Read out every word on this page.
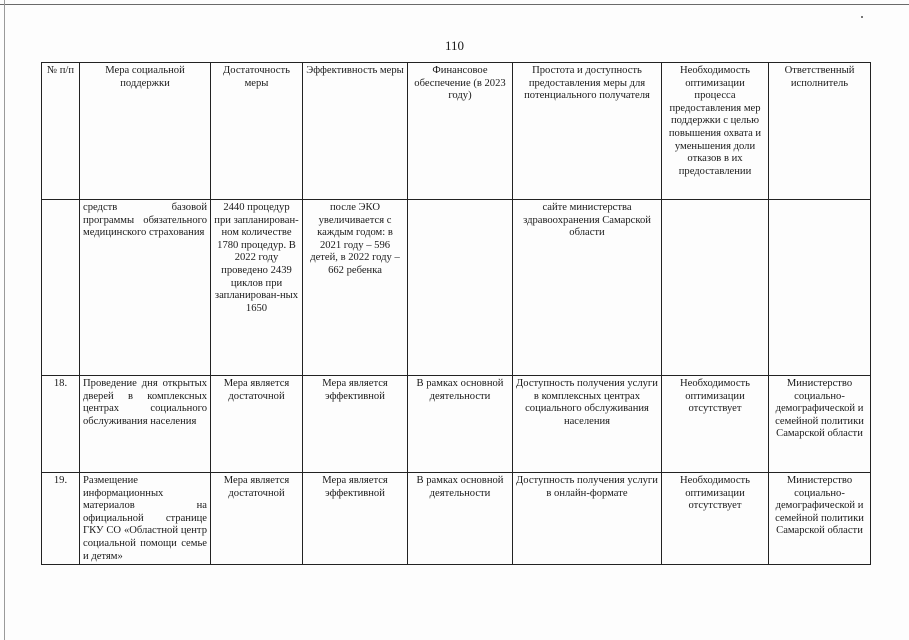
110
№ п/п	Мера социальной поддержки	Достаточность меры	Эффективность меры	Финансовое обеспечение (в 2023 году)	Простота и доступность предоставления меры для потенциального получателя	Необходимость оптимизации процесса предоставления мер поддержки с целью повышения охвата и уменьшения доли отказов в их предоставлении	Ответственный исполнитель
	средств базовой программы обязательного медицинского страхования	2440 процедур при запланирован-ном количестве 1780 процедур. В 2022 году проведено 2439 циклов при запланирован-ных 1650	после ЭКО увеличивается с каждым годом: в 2021 году – 596 детей, в 2022 году – 662 ребенка		сайте министерства здравоохранения Самарской области		
18.	Проведение дня открытых дверей в комплексных центрах социального обслуживания населения	Мера является достаточной	Мера является эффективной	В рамках основной деятельности	Доступность получения услуги в комплексных центрах социального обслуживания населения	Необходимость оптимизации отсутствует	Министерство социально-демографической и семейной политики Самарской области
19.	Размещение информационных материалов на официальной странице ГКУ СО «Областной центр социальной помощи семье и детям»	Мера является достаточной	Мера является эффективной	В рамках основной деятельности	Доступность получения услуги в онлайн-формате	Необходимость оптимизации отсутствует	Министерство социально-демографической и семейной политики Самарской области
